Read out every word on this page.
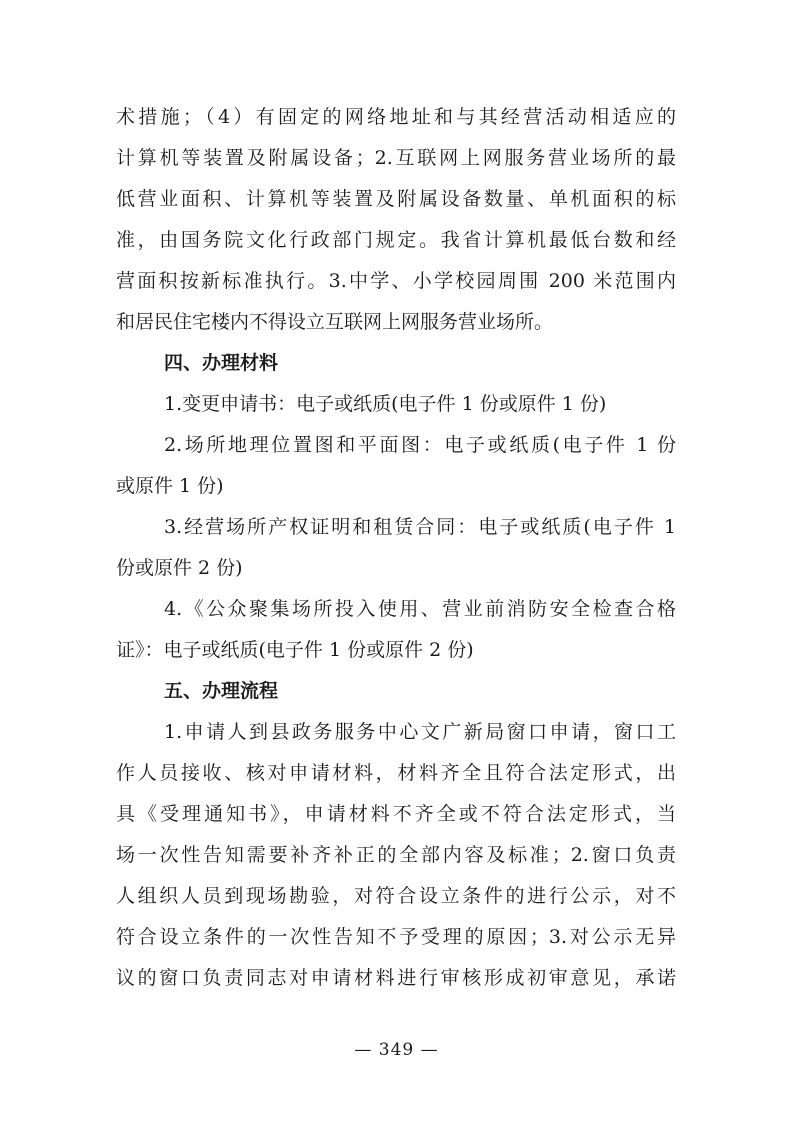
术措施；（4）有固定的网络地址和与其经营活动相适应的
计算机等装置及附属设备；2.互联网上网服务营业场所的最
低营业面积、计算机等装置及附属设备数量、单机面积的标
准，由国务院文化行政部门规定。我省计算机最低台数和经
营面积按新标准执行。3.中学、小学校园周围 200 米范围内
和居民住宅楼内不得设立互联网上网服务营业场所。
四、办理材料
1.变更申请书：电子或纸质(电子件 1 份或原件 1 份)
2.场所地理位置图和平面图：电子或纸质(电子件 1 份
或原件 1 份)
3.经营场所产权证明和租赁合同：电子或纸质(电子件 1
份或原件 2 份)
4.《公众聚集场所投入使用、营业前消防安全检查合格
证》：电子或纸质(电子件 1 份或原件 2 份)
五、办理流程
1.申请人到县政务服务中心文广新局窗口申请，窗口工
作人员接收、核对申请材料，材料齐全且符合法定形式，出
具《受理通知书》，申请材料不齐全或不符合法定形式，当
场一次性告知需要补齐补正的全部内容及标准；2.窗口负责
人组织人员到现场勘验，对符合设立条件的进行公示，对不
符合设立条件的一次性告知不予受理的原因；3.对公示无异
议的窗口负责同志对申请材料进行审核形成初审意见，承诺
— 349 —
